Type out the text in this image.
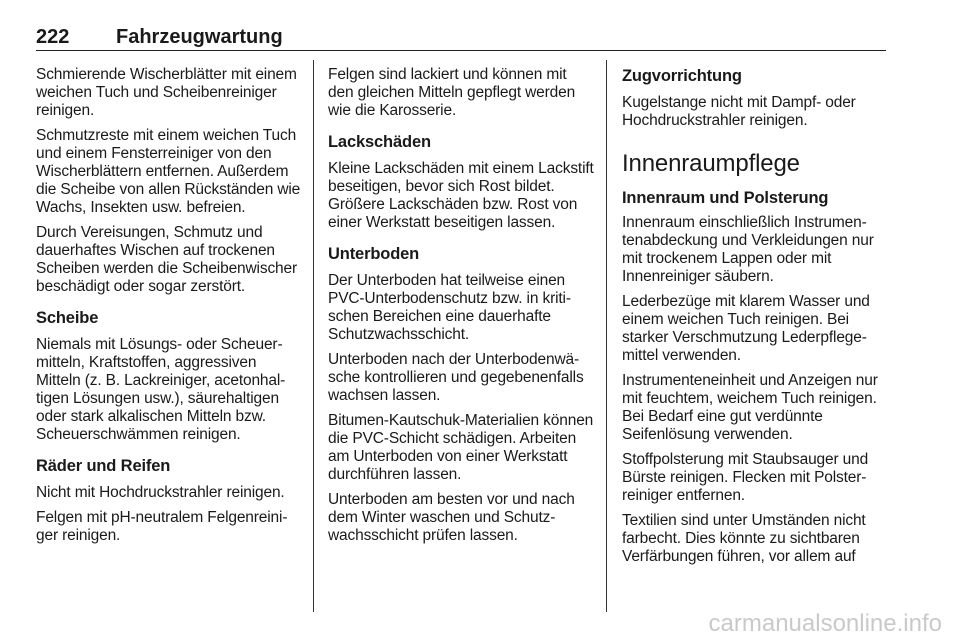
222 Fahrzeugwartung

Schmierende Wischerblätter mit einem weichen Tuch und Scheibenreiniger reinigen.

Schmutzreste mit einem weichen Tuch und einem Fensterreiniger von den Wischerblättern entfernen. Außerdem die Scheibe von allen Rückständen wie Wachs, Insekten usw. befreien.

Durch Vereisungen, Schmutz und dauerhaftes Wischen auf trockenen Scheiben werden die Scheibenwischer beschädigt oder sogar zerstört.

Scheibe

Niemals mit Lösungs- oder Scheuermitteln, Kraftstoffen, aggressiven Mitteln (z. B. Lackreiniger, acetonhaltigen Lösungen usw.), säurehaltigen oder stark alkalischen Mitteln bzw. Scheuerschwämmen reinigen.

Räder und Reifen

Nicht mit Hochdruckstrahler reinigen.

Felgen mit pH-neutralem Felgenreiniger reinigen.

Felgen sind lackiert und können mit den gleichen Mitteln gepflegt werden wie die Karosserie.

Lackschäden

Kleine Lackschäden mit einem Lackstift beseitigen, bevor sich Rost bildet. Größere Lackschäden bzw. Rost von einer Werkstatt beseitigen lassen.

Unterboden

Der Unterboden hat teilweise einen PVC-Unterbodenschutz bzw. in kritischen Bereichen eine dauerhafte Schutzwachsschicht.

Unterboden nach der Unterbodenwäsche kontrollieren und gegebenenfalls wachsen lassen.

Bitumen-Kautschuk-Materialien können die PVC-Schicht schädigen. Arbeiten am Unterboden von einer Werkstatt durchführen lassen.

Unterboden am besten vor und nach dem Winter waschen und Schutzwachsschicht prüfen lassen.

Zugvorrichtung

Kugelstange nicht mit Dampf- oder Hochdruckstrahler reinigen.

Innenraumpflege
Innenraum und Polsterung

Innenraum einschließlich Instrumentenabdeckung und Verkleidungen nur mit trockenem Lappen oder mit Innenreiniger säubern.

Lederbezüge mit klarem Wasser und einem weichen Tuch reinigen. Bei starker Verschmutzung Lederpflegemittel verwenden.

Instrumenteneinheit und Anzeigen nur mit feuchtem, weichem Tuch reinigen. Bei Bedarf eine gut verdünnte Seifenlösung verwenden.

Stoffpolsterung mit Staubsauger und Bürste reinigen. Flecken mit Polsterreiniger entfernen.

Textilien sind unter Umständen nicht farbecht. Dies könnte zu sichtbaren Verfärbungen führen, vor allem auf

carmanualsonline.info
